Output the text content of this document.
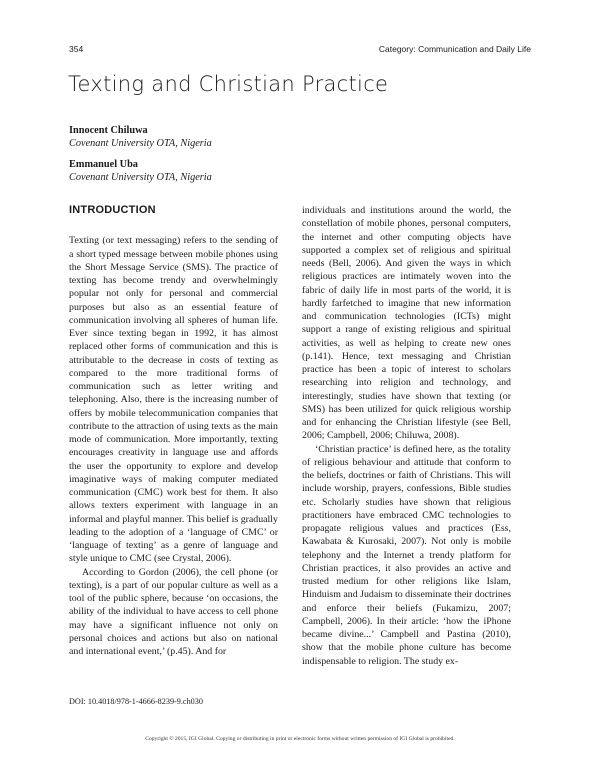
354	Category: Communication and Daily Life
Texting and Christian Practice
Innocent Chiluwa
Covenant University OTA, Nigeria
Emmanuel Uba
Covenant University OTA, Nigeria
INTRODUCTION

Texting (or text messaging) refers to the sending of a short typed message between mobile phones using the Short Message Service (SMS). The practice of texting has become trendy and overwhelmingly popular not only for personal and commercial purposes but also as an essential feature of communication involving all spheres of human life. Ever since texting began in 1992, it has almost replaced other forms of communication and this is attributable to the decrease in costs of texting as compared to the more traditional forms of communication such as letter writing and telephoning. Also, there is the increasing number of offers by mobile telecommunication companies that contribute to the attraction of using texts as the main mode of communication. More importantly, texting encourages creativity in language use and affords the user the opportunity to explore and develop imaginative ways of making computer mediated communication (CMC) work best for them. It also allows texters experiment with language in an informal and playful manner. This belief is gradually leading to the adoption of a ‘language of CMC’ or ‘language of texting’ as a genre of language and style unique to CMC (see Crystal, 2006).

According to Gordon (2006), the cell phone (or texting), is a part of our popular culture as well as a tool of the public sphere, because ‘on occasions, the ability of the individual to have access to cell phone may have a significant influence not only on personal choices and actions but also on national and international event,’ (p.45). And for

individuals and institutions around the world, the constellation of mobile phones, personal computers, the internet and other computing objects have supported a complex set of religious and spiritual needs (Bell, 2006). And given the ways in which religious practices are intimately woven into the fabric of daily life in most parts of the world, it is hardly farfetched to imagine that new information and communication technologies (ICTs) might support a range of existing religious and spiritual activities, as well as helping to create new ones (p.141). Hence, text messaging and Christian practice has been a topic of interest to scholars researching into religion and technology, and interestingly, studies have shown that texting (or SMS) has been utilized for quick religious worship and for enhancing the Christian lifestyle (see Bell, 2006; Campbell, 2006; Chiluwa, 2008).

‘Christian practice’ is defined here, as the totality of religious behaviour and attitude that conform to the beliefs, doctrines or faith of Christians. This will include worship, prayers, confessions, Bible studies etc. Scholarly studies have shown that religious practitioners have embraced CMC technologies to propagate religious values and practices (Ess, Kawabata & Kurosaki, 2007). Not only is mobile telephony and the Internet a trendy platform for Christian practices, it also provides an active and trusted medium for other religions like Islam, Hinduism and Judaism to disseminate their doctrines and enforce their beliefs (Fukamizu, 2007; Campbell, 2006). In their article: ‘how the iPhone became divine...’ Campbell and Pastina (2010), show that the mobile phone culture has become indispensable to religion. The study ex-

DOI: 10.4018/978-1-4666-8239-9.ch030
Copyright © 2015, IGI Global. Copying or distributing in print or electronic forms without written permission of IGI Global is prohibited.
